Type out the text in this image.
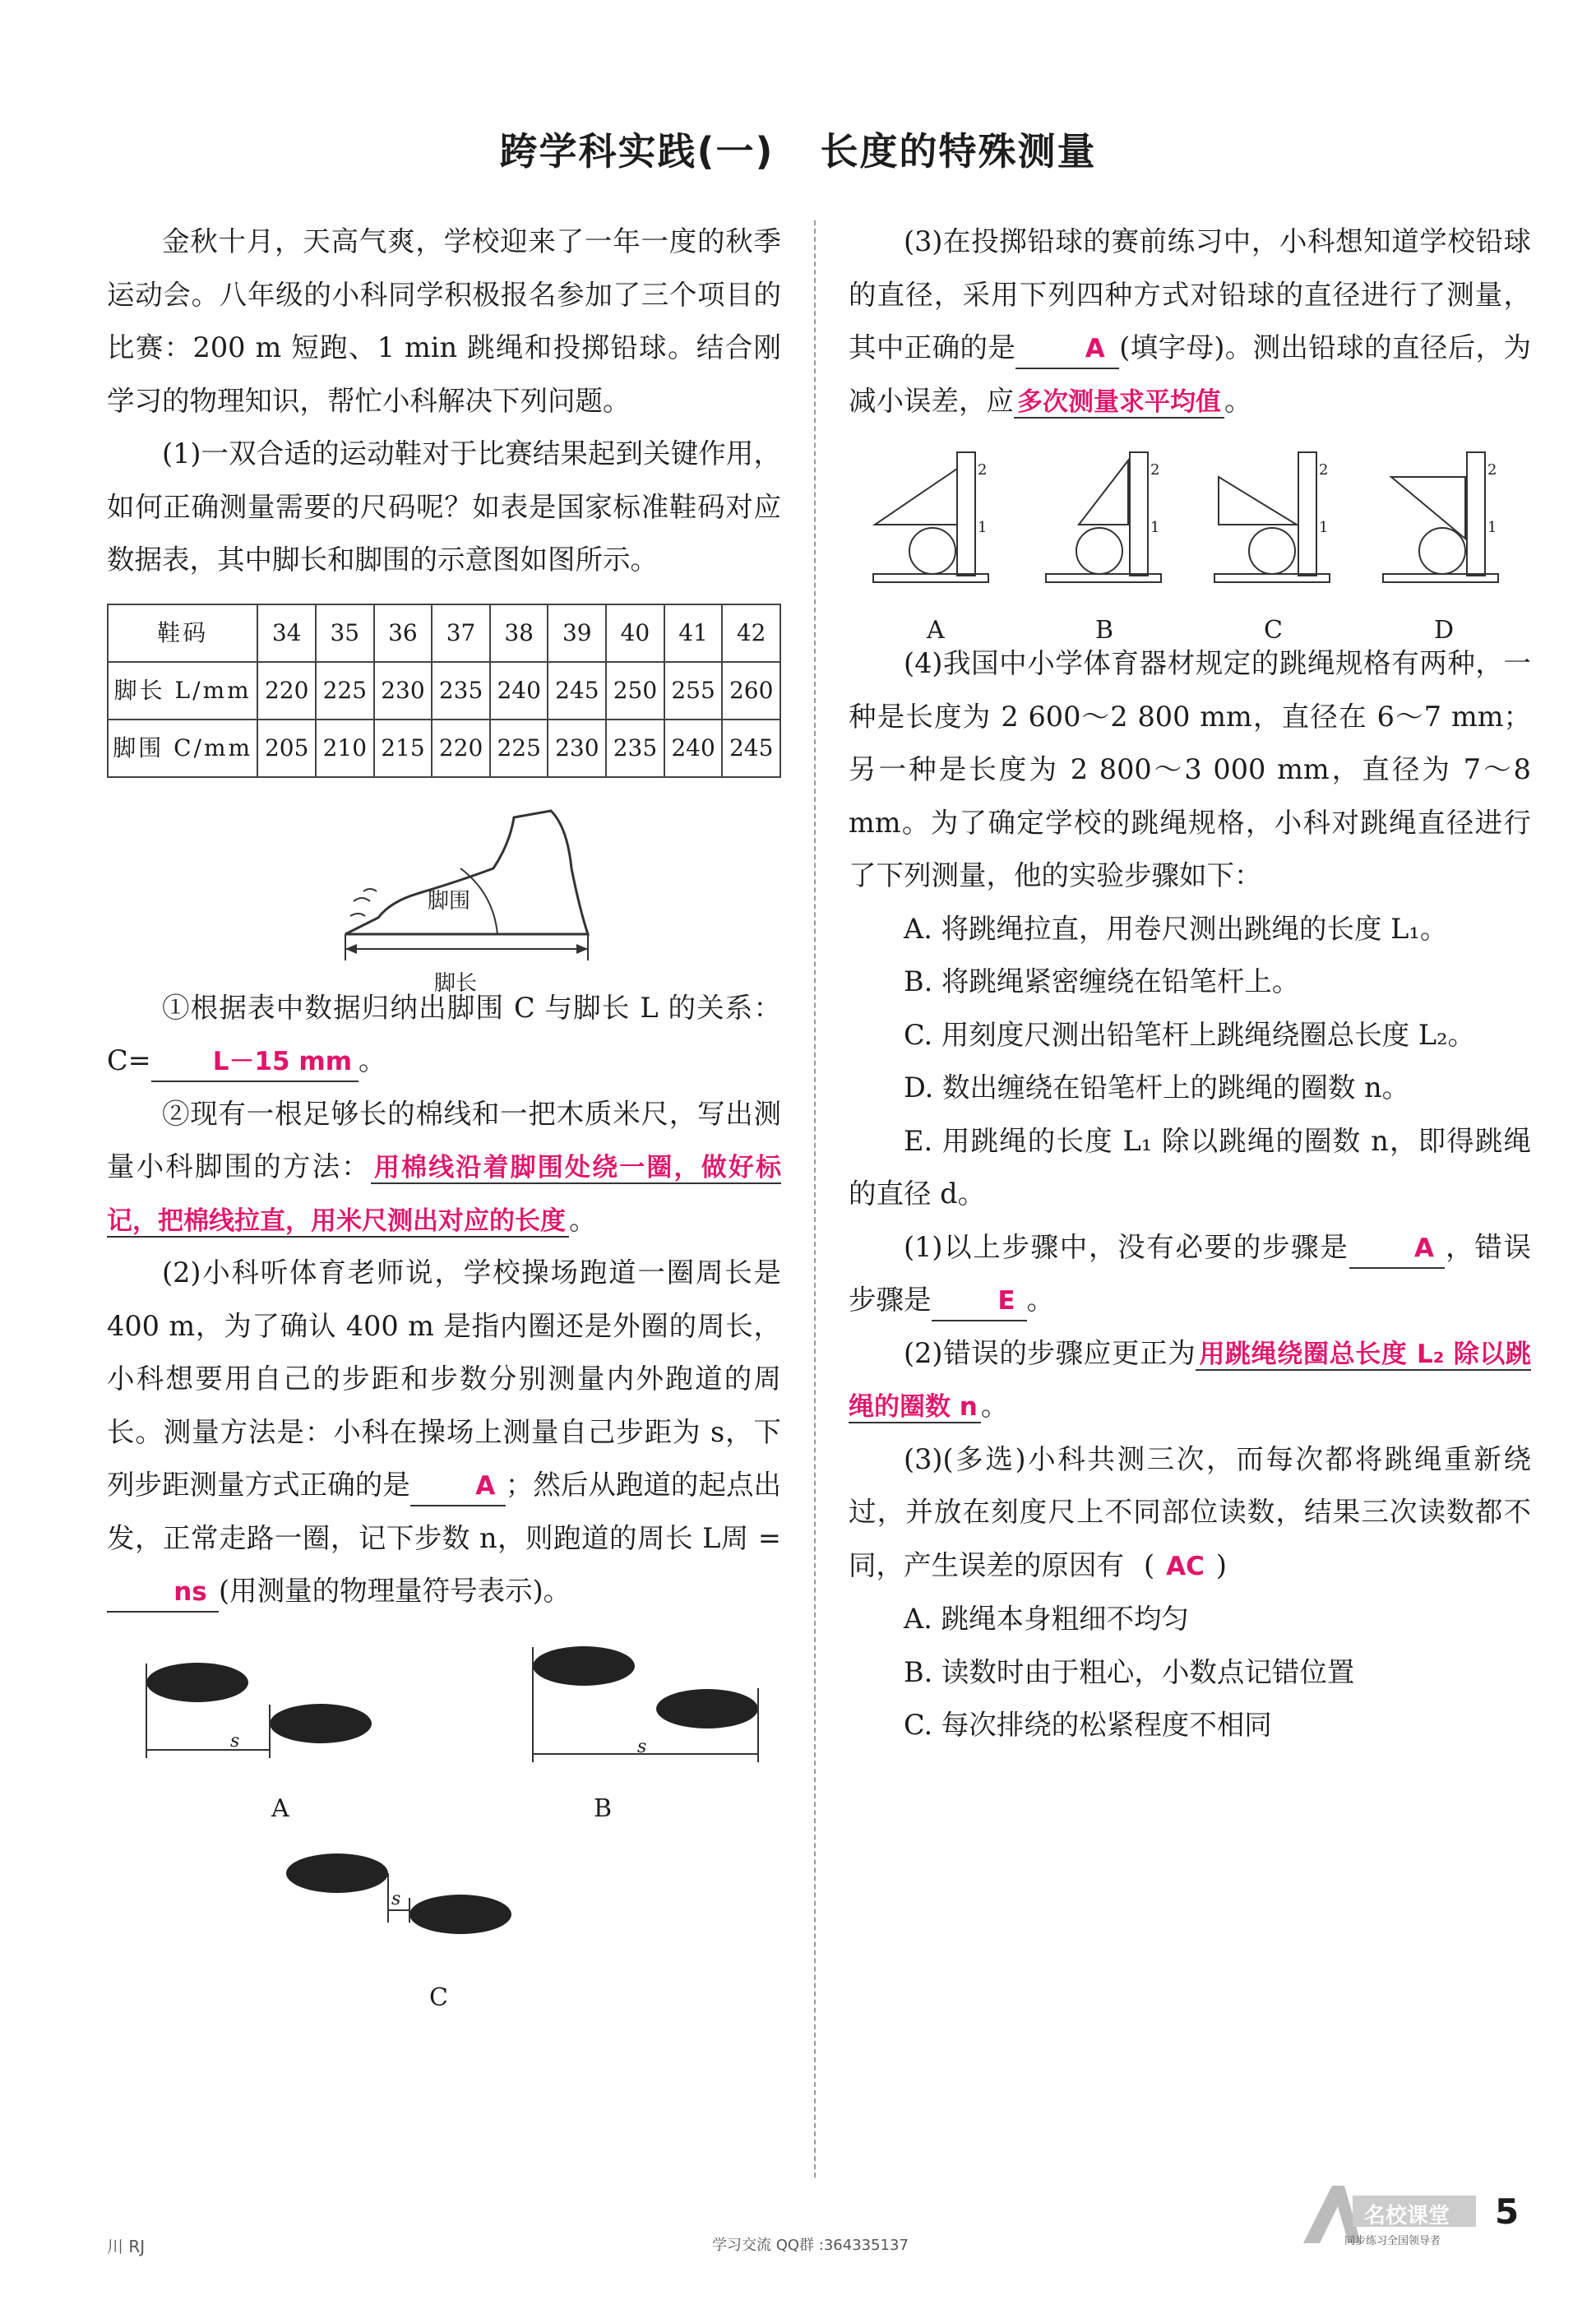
跨学科实践(一) 长度的特殊测量

金秋十月，天高气爽，学校迎来了一年一度的秋季运动会。八年级的小科同学积极报名参加了三个项目的比赛：200 m 短跑、1 min 跳绳和投掷铅球。结合刚学习的物理知识，帮忙小科解决下列问题。

(1)一双合适的运动鞋对于比赛结果起到关键作用，如何正确测量需要的尺码呢？如表是国家标准鞋码对应数据表，其中脚长和脚围的示意图如图所示。

鞋码	34	35	36	37	38	39	40	41	42
脚长 L/mm	220	225	230	235	240	245	250	255	260
脚围 C/mm	205	210	215	220	225	230	235	240	245
脚围
脚长

①根据表中数据归纳出脚围 C 与脚长 L 的关系：C= L－15 mm 。

②现有一根足够长的棉线和一把木质米尺，写出测量小科脚围的方法： 用棉线沿着脚围处绕一圈，做好标记，把棉线拉直，用米尺测出对应的长度 。

(2)小科听体育老师说，学校操场跑道一圈周长是 400 m，为了确认 400 m 是指内圈还是外圈的周长，小科想要用自己的步距和步数分别测量内外跑道的周长。测量方法是：小科在操场上测量自己步距为 s，下列步距测量方式正确的是	A ；然后从跑道的起点出发，正常走路一圈，记下步数 n，则跑道的周长 L周 =ns (用测量的物理量符号表示)。

s	s
s
A	B
C

(3)在投掷铅球的赛前练习中，小科想知道学校铅球的直径，采用下列四种方式对铅球的直径进行了测量，其中正确的是	A (填字母)。测出铅球的直径后，为减小误差，应 多次测量求平均值 。

2
1
2
1
2
1
2
1
A	B	C	D

(4)我国中小学体育器材规定的跳绳规格有两种，一种是长度为 2 600～2 800 mm，直径在 6～7 mm；另一种是长度为 2 800～3 000 mm，直径为 7～8 mm。为了确定学校的跳绳规格，小科对跳绳直径进行了下列测量，他的实验步骤如下：

A. 将跳绳拉直，用卷尺测出跳绳的长度 L₁。

B. 将跳绳紧密缠绕在铅笔杆上。

C. 用刻度尺测出铅笔杆上跳绳绕圈总长度 L₂。

D. 数出缠绕在铅笔杆上的跳绳的圈数 n。

E. 用跳绳的长度 L₁ 除以跳绳的圈数 n，即得跳绳的直径 d。

(1)以上步骤中，没有必要的步骤是	A ，错误步骤是	E 。

(2)错误的步骤应更正为 用跳绳绕圈总长度 L₂ 除以跳绳的圈数 n 。

(3)(多选)小科共测三次，而每次都将跳绳重新绕过，并放在刻度尺上不同部位读数，结果三次读数都不同，产生误差的原因有 ( AC )

A. 跳绳本身粗细不均匀

B. 读数时由于粗心，小数点记错位置

C. 每次排绕的松紧程度不相同

川 RJ	学习交流 QQ群 :364335137
名校课堂
同步练习全国领导者
5
